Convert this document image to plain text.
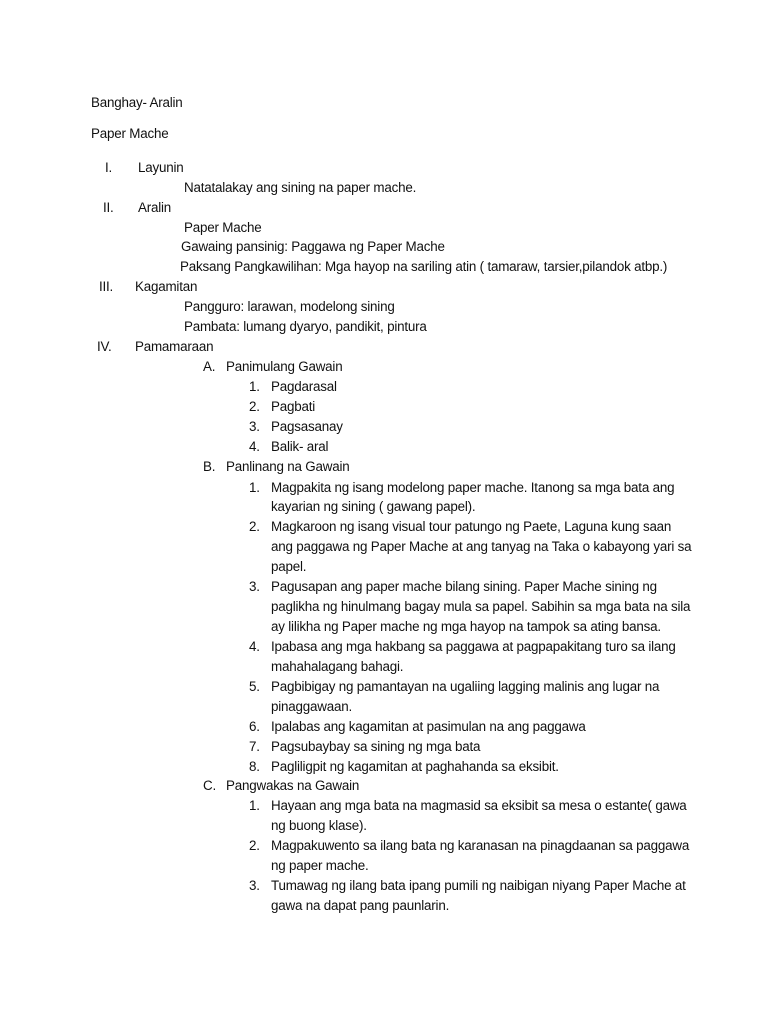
Banghay- Aralin
Paper Mache
I. Layunin
Natatalakay ang sining na paper mache.
II. Aralin
Paper Mache
Gawaing pansinig: Paggawa ng Paper Mache
Paksang Pangkawilihan: Mga hayop na sariling atin ( tamaraw, tarsier,pilandok atbp.)
III. Kagamitan
Pangguro: larawan, modelong sining
Pambata: lumang dyaryo, pandikit, pintura
IV. Pamamaraan
A. Panimulang Gawain
1. Pagdarasal
2. Pagbati
3. Pagsasanay
4. Balik- aral
B. Panlinang na Gawain
1. Magpakita ng isang modelong paper mache. Itanong sa mga bata ang
kayarian ng sining ( gawang papel).
2. Magkaroon ng isang visual tour patungo ng Paete, Laguna kung saan
ang paggawa ng Paper Mache at ang tanyag na Taka o kabayong yari sa
papel.
3. Pagusapan ang paper mache bilang sining. Paper Mache sining ng
paglikha ng hinulmang bagay mula sa papel. Sabihin sa mga bata na sila
ay lilikha ng Paper mache ng mga hayop na tampok sa ating bansa.
4. Ipabasa ang mga hakbang sa paggawa at pagpapakitang turo sa ilang
mahahalagang bahagi.
5. Pagbibigay ng pamantayan na ugaliing lagging malinis ang lugar na
pinaggawaan.
6. Ipalabas ang kagamitan at pasimulan na ang paggawa
7. Pagsubaybay sa sining ng mga bata
8. Pagliligpit ng kagamitan at paghahanda sa eksibit.
C. Pangwakas na Gawain
1. Hayaan ang mga bata na magmasid sa eksibit sa mesa o estante( gawa
ng buong klase).
2. Magpakuwento sa ilang bata ng karanasan na pinagdaanan sa paggawa
ng paper mache.
3. Tumawag ng ilang bata ipang pumili ng naibigan niyang Paper Mache at
gawa na dapat pang paunlarin.
